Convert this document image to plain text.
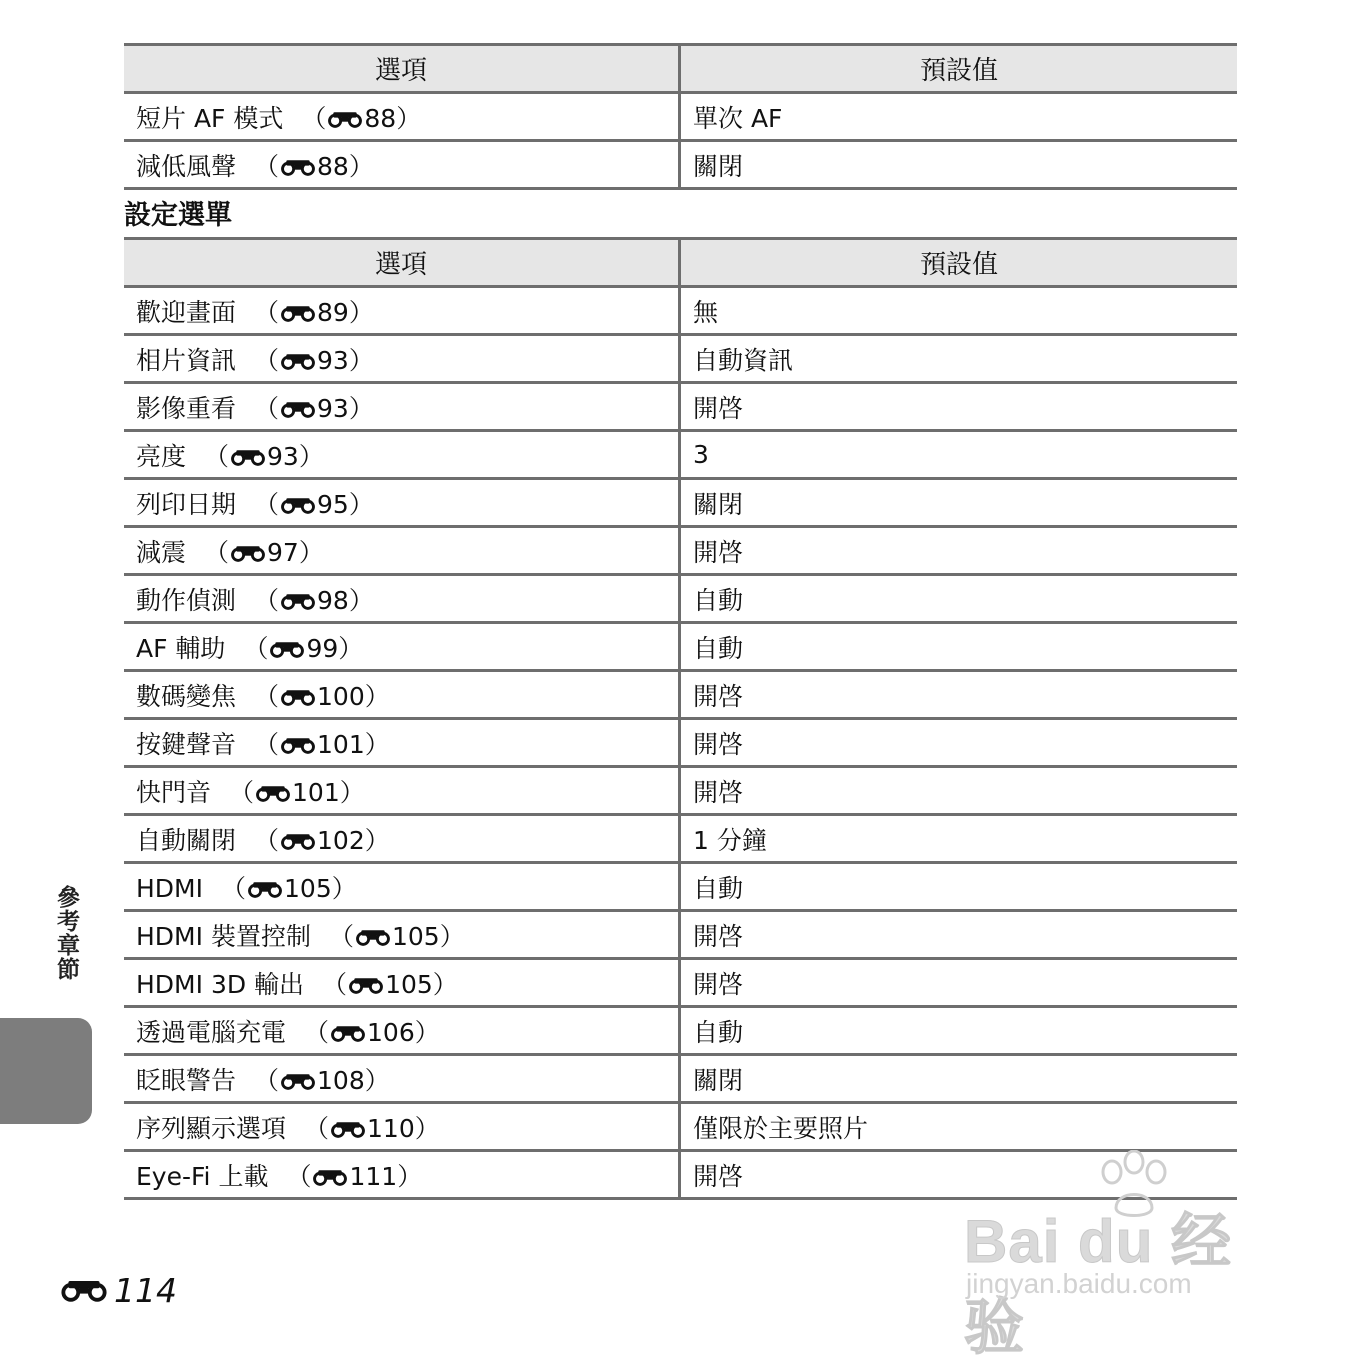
選項	預設值
短片 AF 模式 （ 88）	單次 AF
減低風聲 （ 88）	關閉
設定選單
選項	預設值
歡迎畫面 （ 89）	無
相片資訊 （ 93）	自動資訊
影像重看 （ 93）	開啓
亮度 （ 93）	3
列印日期 （ 95）	關閉
減震 （ 97）	開啓
動作偵測 （ 98）	自動
AF 輔助 （ 99）	自動
數碼變焦 （ 100）	開啓
按鍵聲音 （ 101）	開啓
快門音 （ 101）	開啓
自動關閉 （ 102）	1 分鐘
HDMI （ 105）	自動
HDMI 裝置控制 （ 105）	開啓
HDMI 3D 輸出 （ 105）	開啓
透過電腦充電 （ 106）	自動
眨眼警告 （ 108）	關閉
序列顯示選項 （ 110）	僅限於主要照片
Eye-Fi 上載 （ 111）	開啓
參考章節
114
Bai du 经验
jingyan.baidu.com
